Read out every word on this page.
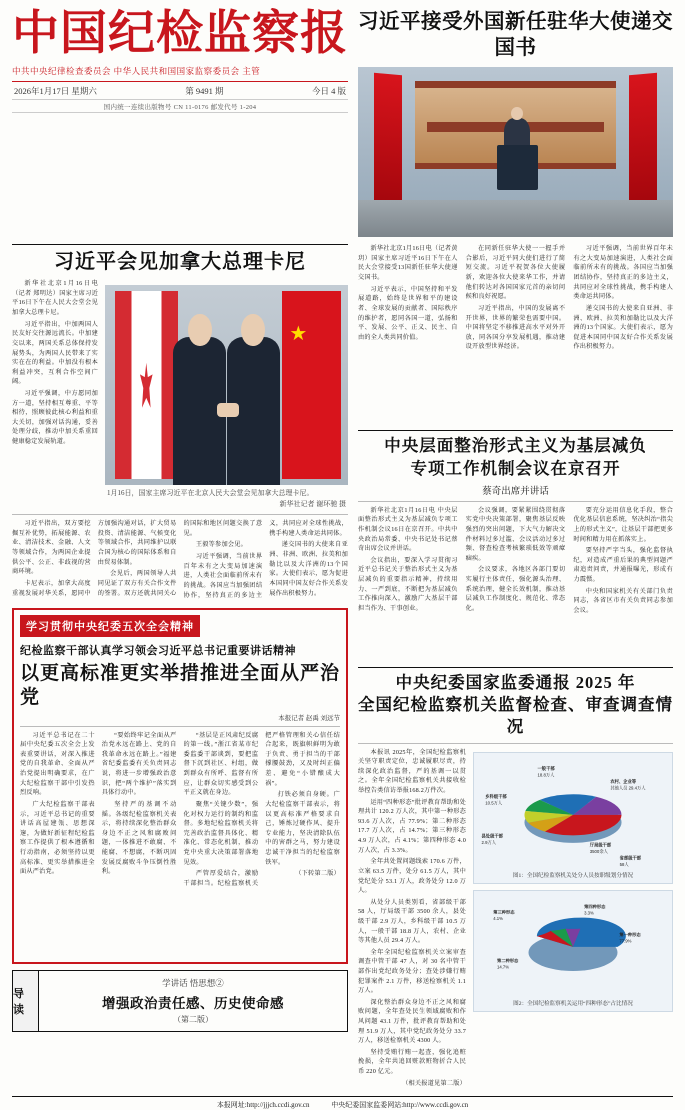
中国纪检监察报
中共中央纪律检查委员会 中华人民共和国国家监察委员会 主管
2026年1月17日 星期六	第 9491 期	今日 4 版
国内统一连续出版物号 CN 11-0176 邮发代号 1-204
习近平接受外国新任驻华大使递交国书
习近平会见加拿大总理卡尼

新华社北京1月16日电（记者 郑明达）国家主席习近平16日下午在人民大会堂会见加拿大总理卡尼。

习近平指出，中加两国人民友好交往源远流长。中加建交以来，两国关系总体保持发展势头，为两国人民带来了实实在在的利益。中加没有根本利益冲突，互利合作空间广阔。

习近平强调，中方愿同加方一道，坚持相互尊重、平等相待，照顾彼此核心利益和重大关切，加强对话沟通，妥善处理分歧，推动中加关系重回健康稳定发展轨道。

★
1月16日，国家主席习近平在北京人民大会堂会见加拿大总理卡尼。
新华社记者 谢环驰 摄

习近平指出，双方要挖掘互补优势，拓展能源、农业、清洁技术、金融、人文等领域合作，为两国企业提供公平、公正、非歧视的营商环境。

卡尼表示，加拿大高度重视发展对华关系，愿同中方加强沟通对话，扩大贸易投资、清洁能源、气候变化等领域合作，共同维护以联合国为核心的国际体系和自由贸易体制。

会见后，两国领导人共同见证了双方有关合作文件的签署。双方还就共同关心的国际和地区问题交换了意见。

王毅等参加会见。

习近平强调，当前世界百年未有之大变局加速演进，人类社会面临前所未有的挑战。各国应当加强团结协作，坚持真正的多边主义，共同应对全球性挑战，携手构建人类命运共同体。

递交国书的大使来自亚洲、非洲、欧洲、拉美和加勒比以及大洋洲的13个国家。大使们表示，愿为促进本国同中国友好合作关系发展作出积极努力。

学习贯彻中央纪委五次全会精神
纪检监察干部认真学习领会习近平总书记重要讲话精神
以更高标准更实举措推进全面从严治党
本报记者 赵禹 刘远节

习近平总书记在二十届中央纪委五次全会上发表重要讲话，对深入推进党的自我革命、全面从严治党提出明确要求，在广大纪检监察干部中引发热烈反响。

广大纪检监察干部表示，习近平总书记的重要讲话高屋建瓴、思想深邃，为做好新征程纪检监察工作提供了根本遵循和行动指南，必须坚持以更高标准、更实举措推进全面从严治党。

“要始终牢记全面从严治党永远在路上、党的自我革命永远在路上。”福建省纪委监委有关负责同志说，将进一步增强政治意识，把“两个维护”落实到具体行动中。

坚持严的基调不动摇。各级纪检监察机关表示，将持续深化整治群众身边不正之风和腐败问题，一体推进不敢腐、不能腐、不想腐，不断巩固发展反腐败斗争压倒性胜利。

“基层是正风肃纪反腐的第一线。”浙江省某市纪委监委干部谈到，要把监督下沉到社区、村组，做到群众有所呼、监督有所应，让群众切实感受到公平正义就在身边。

聚焦“关键少数”，强化对权力运行的制约和监督。多地纪检监察机关将完善政治监督具体化、精准化、常态化机制，推动党中央重大决策部署落地见效。

严管厚爱结合，激励干部担当。纪检监察机关把严格管理和关心信任结合起来，既旗帜鲜明为敢于负责、勇于担当的干部撑腰鼓劲，又及时纠正偏差、避免“小错酿成大祸”。

打铁必须自身硬。广大纪检监察干部表示，将以更高标准严格要求自己，锤炼过硬作风、提升专业能力，坚决清除队伍中的害群之马，努力建设忠诚干净担当的纪检监察铁军。

（下转第二版）

导读
学讲话 悟思想②
增强政治责任感、历史使命感
（第二版）

新华社北京1月16日电（记者黄玥）国家主席习近平16日下午在人民大会堂接受13国新任驻华大使递交国书。

习近平表示，中国坚持和平发展道路，始终是世界和平的建设者、全球发展的贡献者、国际秩序的维护者，愿同各国一道，弘扬和平、发展、公平、正义、民主、自由的全人类共同价值。

在同新任驻华大使一一握手并合影后，习近平同大使们进行了简短交流。习近平祝贺各位大使履新，欢迎各位大使来华工作，并请他们转达对各国国家元首的亲切问候和良好祝愿。

习近平指出，中国的发展离不开世界，世界的繁荣也需要中国。中国将坚定不移推进高水平对外开放，同各国分享发展机遇，推动建设开放型世界经济。

习近平强调，当前世界百年未有之大变局加速演进，人类社会面临前所未有的挑战。各国应当加强团结协作，坚持真正的多边主义，共同应对全球性挑战，携手构建人类命运共同体。

递交国书的大使来自亚洲、非洲、欧洲、拉美和加勒比以及大洋洲的13个国家。大使们表示，愿为促进本国同中国友好合作关系发展作出积极努力。

中央层面整治形式主义为基层减负
专项工作机制会议在京召开
蔡奇出席并讲话

新华社北京1月16日电 中央层面整治形式主义为基层减负专项工作机制会议16日在京召开。中共中央政治局常委、中央书记处书记蔡奇出席会议并讲话。

会议指出，要深入学习贯彻习近平总书记关于整治形式主义为基层减负的重要指示精神，持续用力、一严到底，不断把为基层减负工作推向深入，激励广大基层干部担当作为、干事创业。

会议强调，要紧紧围绕贯彻落实党中央决策部署，聚焦基层反映强烈的突出问题，下大气力解决文件材料过多过滥、会议活动过多过频、督查检查考核繁琐低效等顽瘴痼疾。

会议要求，各地区各部门要切实履行主体责任，强化源头治理、系统治理，健全长效机制，推动基层减负工作制度化、规范化、常态化。

要充分运用信息化手段，整合优化基层信息系统，坚决纠治“指尖上的形式主义”，让基层干部把更多时间和精力用在抓落实上。

要坚持严字当头，强化监督执纪，对造成严重后果的典型问题严肃追责问责，并通报曝光，形成有力震慑。

中央和国家机关有关部门负责同志，各省区市有关负责同志参加会议。

中央纪委国家监委通报 2025 年
全国纪检监察机关监督检查、审查调查情况

本报讯 2025年，全国纪检监察机关坚守职责定位，忠诚履职尽责，持续深化政治监督，严的基调一以贯之。全年全国纪检监察机关共接收检举控告类信访举报168.2万件次。

运用“四种形态”批评教育帮助和处理共计 120.2 万人次，其中第一种形态 93.6 万人次，占 77.9%；第二种形态 17.7 万人次，占 14.7%；第三种形态 4.9 万人次，占 4.1%；第四种形态 4.0 万人次，占 3.3%。

全年共处置问题线索 170.6 万件，立案 63.5 万件，处分 61.5 万人，其中党纪处分 53.1 万人，政务处分 12.0 万人。

从处分人员类别看，省部级干部 58 人，厅局级干部 3500 余人，县处级干部 2.9 万人，乡科级干部 10.5 万人，一般干部 18.8 万人，农村、企业等其他人员 29.4 万人。

全年全国纪检监察机关立案审查调查中管干部 47 人，对 30 名中管干部作出党纪政务处分；查处涉嫌行贿犯罪案件 2.1 万件，移送检察机关 1.1 万人。

深化整治群众身边不正之风和腐败问题，全年查处民生领域腐败和作风问题 43.1 万件，批评教育帮助和处理 51.9 万人，其中党纪政务处分 33.7 万人，移送检察机关 4300 人。

坚持受贿行贿一起查，强化追赃挽损，全年共追回赃款赃物折合人民币 220 亿元。

（相关报道见第二版）

一般干部
18.8万人
农村、企业等
其他人员 29.4万人
乡科级干部
10.5万人
县处级干部
2.9万人
厅局级干部
3500余人
省部级干部
58人
图1：全国纪检监察机关处分人员按职级划分情况
第一种形态
77.9%
第二种形态
14.7%
第三种形态
4.1%
第四种形态
3.3%
图2：全国纪检监察机关运用“四种形态”占比情况
本报网址:http://jjjch.ccdi.gov.cn	中央纪委国家监委网站:http://www.ccdi.gov.cn
